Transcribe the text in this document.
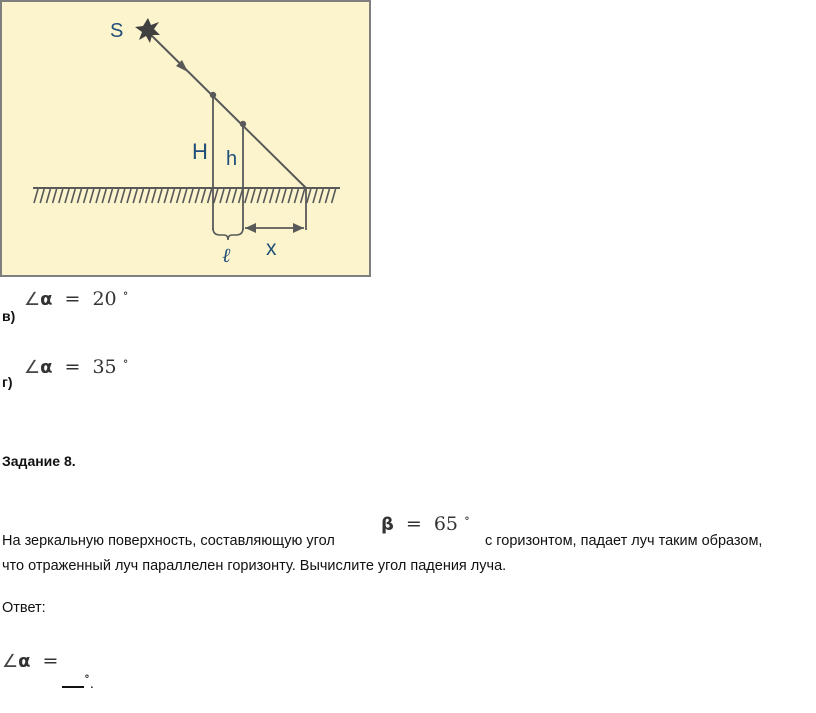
S
H h
ℓ x
∠α = 20 ∘
в)
∠α = 35 ∘
г)
Задание 8.
β = 65 ∘
На зеркальную поверхность, составляющую угол	с горизонтом, падает луч таким образом,
что отраженный луч параллелен горизонту. Вычислите угол падения луча.
Ответ:
∠α =
∘.
